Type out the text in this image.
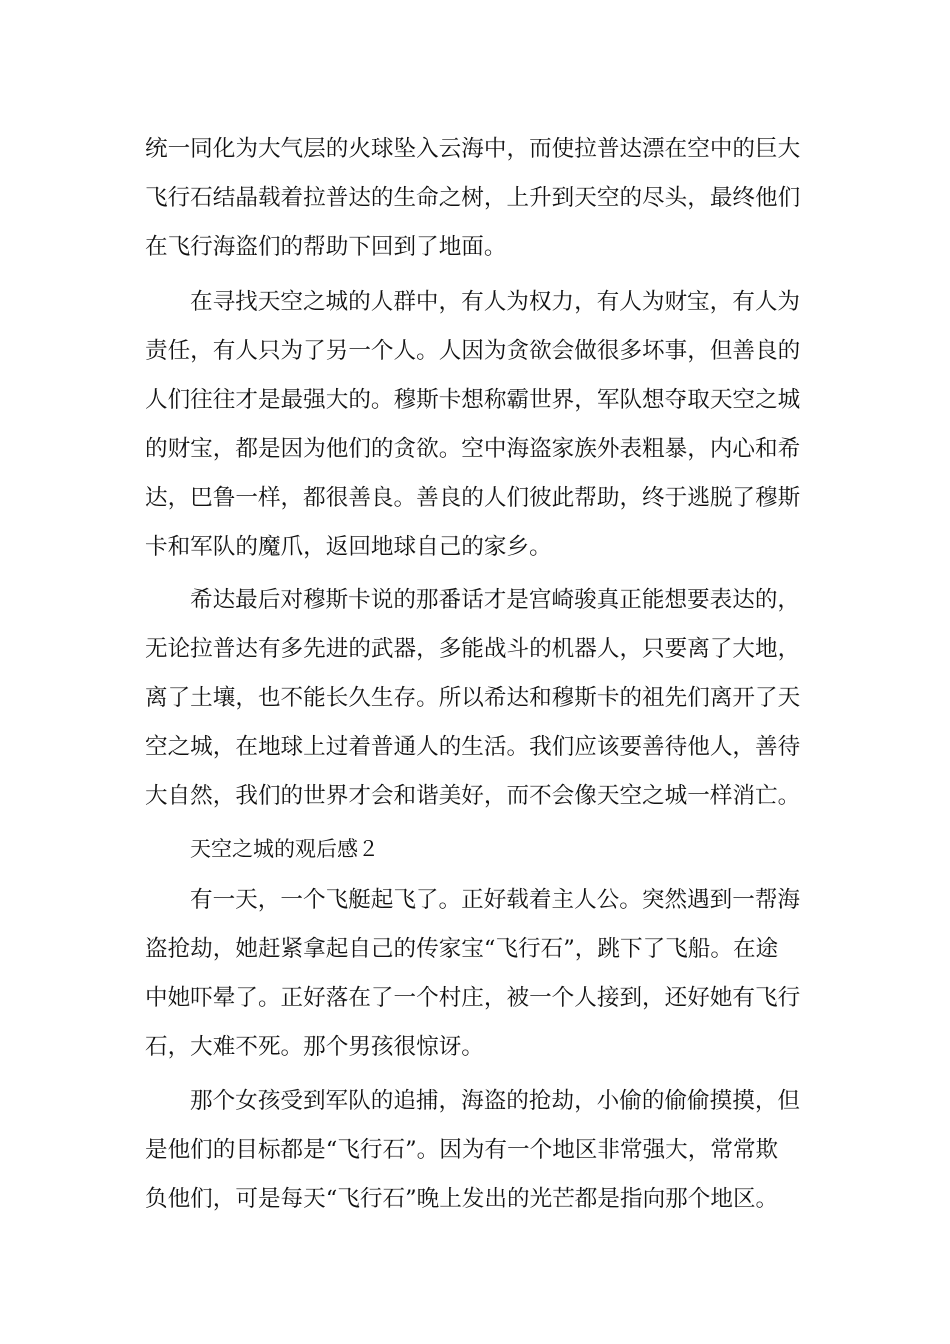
统一同化为大气层的火球坠入云海中，而使拉普达漂在空中的巨大
飞行石结晶载着拉普达的生命之树，上升到天空的尽头，最终他们
在飞行海盗们的帮助下回到了地面。
在寻找天空之城的人群中，有人为权力，有人为财宝，有人为
责任，有人只为了另一个人。人因为贪欲会做很多坏事，但善良的
人们往往才是最强大的。穆斯卡想称霸世界，军队想夺取天空之城
的财宝，都是因为他们的贪欲。空中海盗家族外表粗暴，内心和希
达，巴鲁一样，都很善良。善良的人们彼此帮助，终于逃脱了穆斯
卡和军队的魔爪，返回地球自己的家乡。
希达最后对穆斯卡说的那番话才是宫崎骏真正能想要表达的，
无论拉普达有多先进的武器，多能战斗的机器人，只要离了大地，
离了土壤，也不能长久生存。所以希达和穆斯卡的祖先们离开了天
空之城，在地球上过着普通人的生活。我们应该要善待他人，善待
大自然，我们的世界才会和谐美好，而不会像天空之城一样消亡。
天空之城的观后感２
有一天，一个飞艇起飞了。正好载着主人公。突然遇到一帮海
盗抢劫，她赶紧拿起自己的传家宝“飞行石”，跳下了飞船。在途
中她吓晕了。正好落在了一个村庄，被一个人接到，还好她有飞行
石，大难不死。那个男孩很惊讶。
那个女孩受到军队的追捕，海盗的抢劫，小偷的偷偷摸摸，但
是他们的目标都是“飞行石”。因为有一个地区非常强大，常常欺
负他们，可是每天“飞行石”晚上发出的光芒都是指向那个地区。
